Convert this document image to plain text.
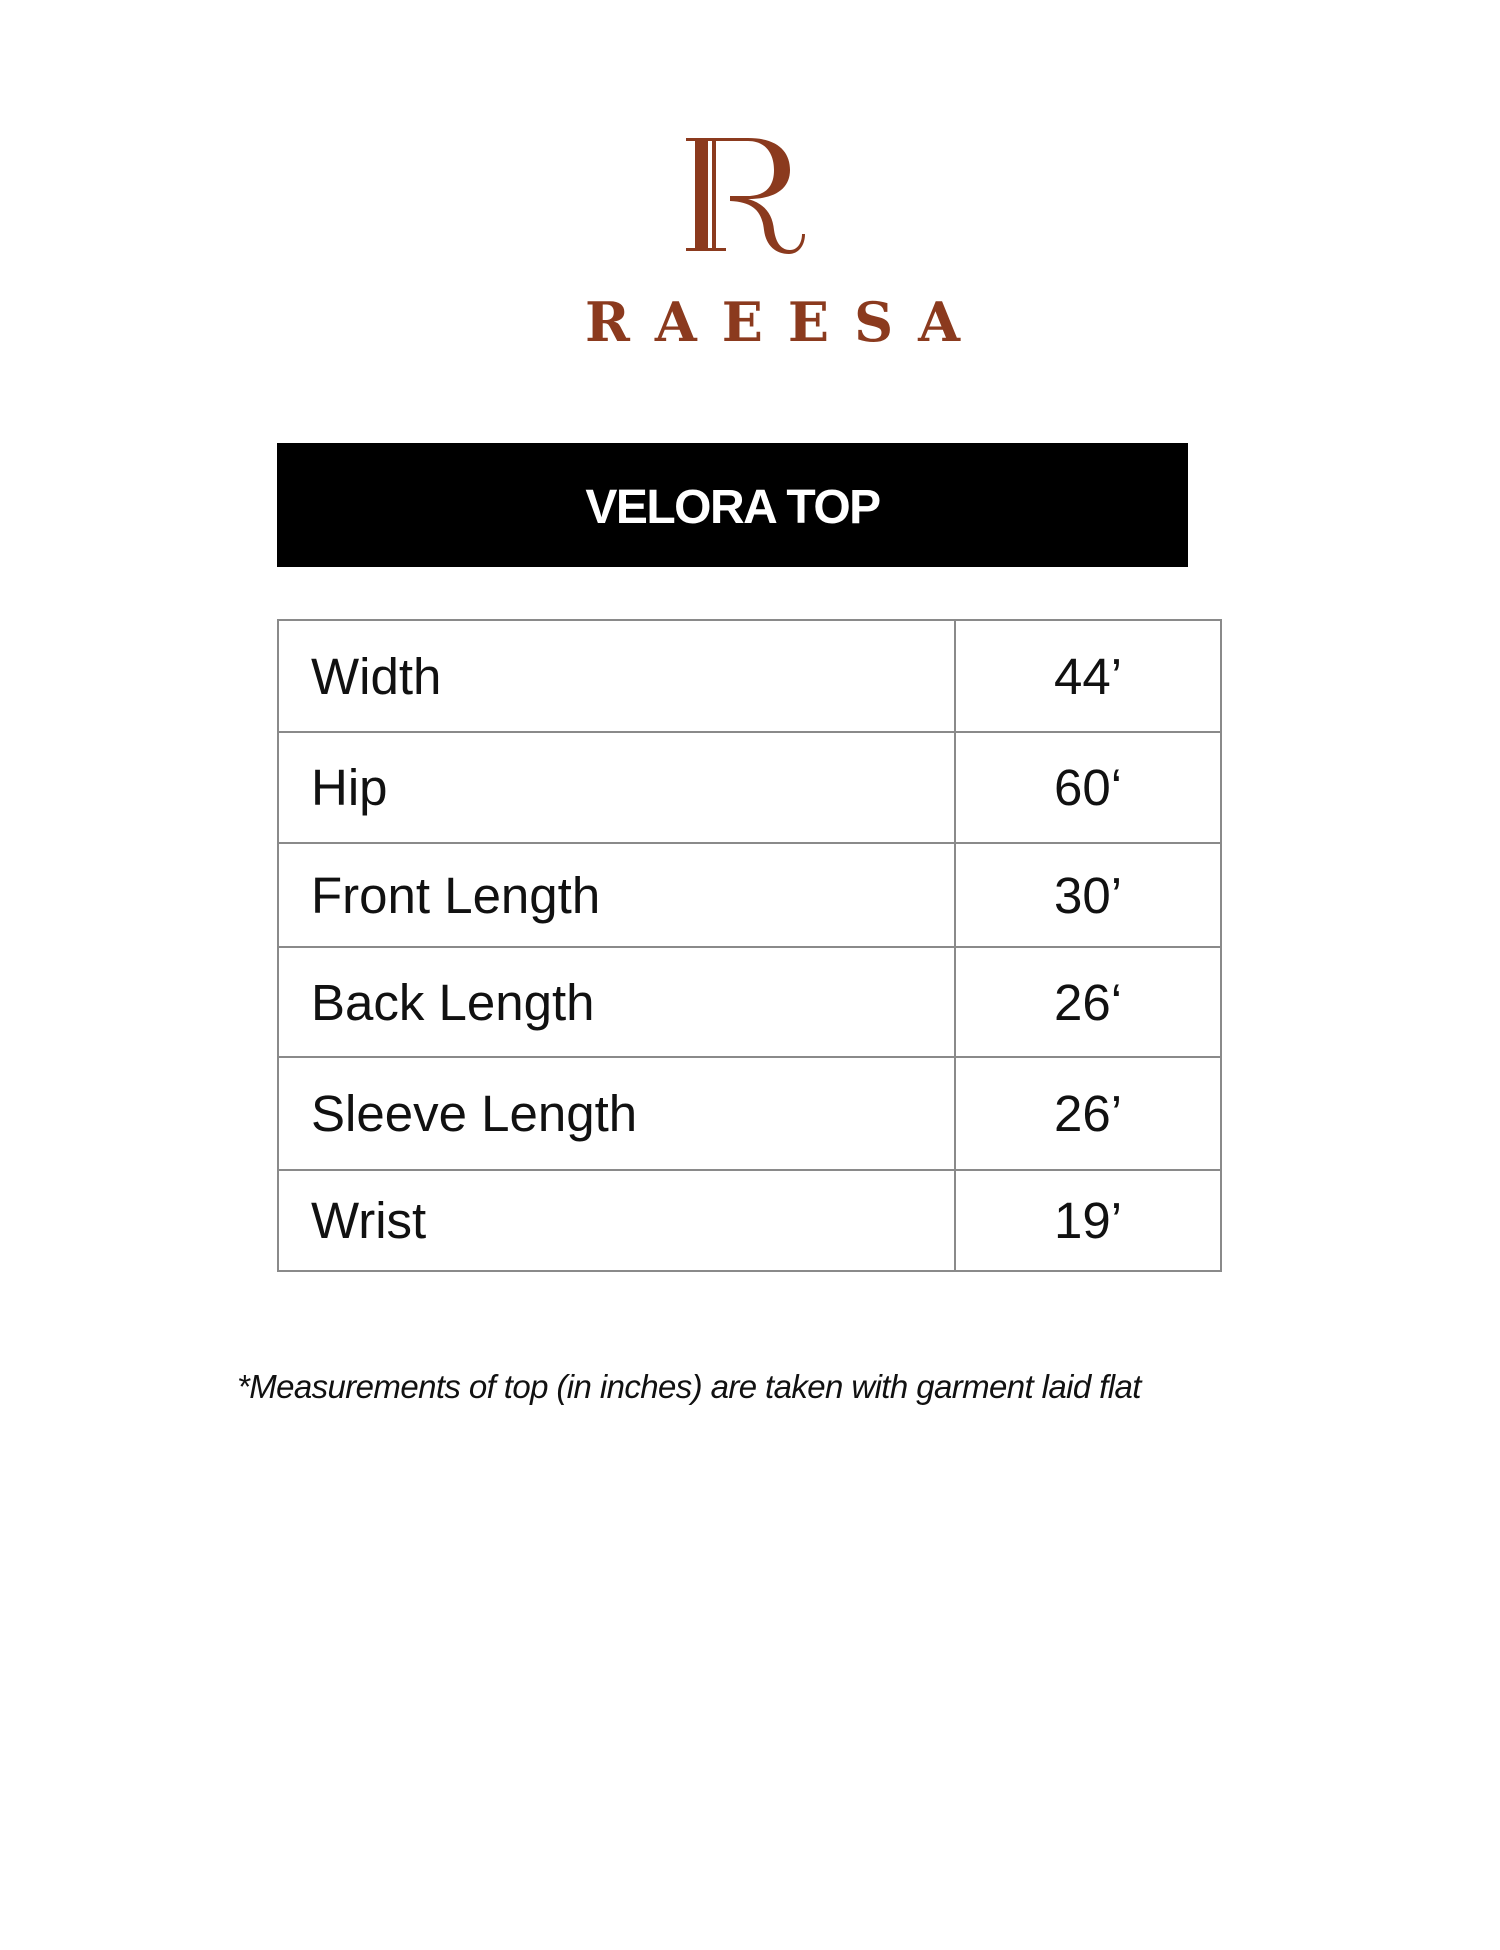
RAEESA
VELORA TOP
Width	44’
Hip	60‘
Front Length	30’
Back Length	26‘
Sleeve Length	26’
Wrist	19’
*Measurements of top (in inches) are taken with garment laid flat
